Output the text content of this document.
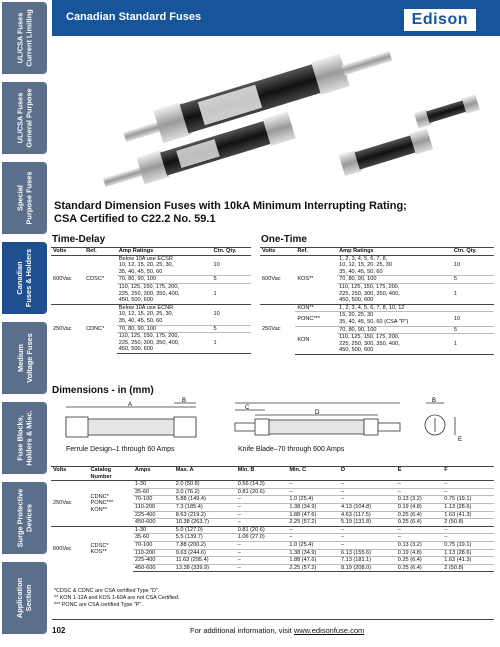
UL/CSA Fuses
Current Limiting
UL/CSA Fuses
General Purpose
Special
Purpose Fuses
Canadian
Fuses & Holders
Medium
Voltage Fuses
Fuse Blocks,
Holders & Misc.
Surge Protective
Devices
Application
Section
Canadian Standard Fuses	Edison
Standard Dimension Fuses with 10kA Minimum Interrupting Rating;
CSA Certified to C22.2 No. 59.1
Time-Delay	One-Time
Volts	Ref.	Amp Ratings	Ctn. Qty.
600Vac	CDSC*	Below 10A use ECSR
10, 12, 15, 20, 25, 30,
35, 40, 45, 50, 60	10
		70, 80, 90, 100	5
		110, 125, 150, 175, 200,
225, 250, 300, 350, 400,
450, 500, 600	1
250Vac	CDNC*	Below 10A use ECNR
10, 12, 15, 20, 25, 30,
35, 40, 45, 50, 60	10
		70, 80, 90, 100	5
		110, 125, 150, 175, 200,
225, 250, 300, 350, 400,
450, 500, 600	1
Volts	Ref.	Amp Ratings	Ctn. Qty.
600Vac	KOS**	1, 2, 3, 4, 5, 6, 7, 8,
10, 12, 15, 20, 25, 30
35, 40, 45, 50, 60	10
		70, 80, 90, 100	5
		110, 125, 150, 175, 200,
225, 250, 300, 350, 400,
450, 500, 600	1
250Vac	KON**	1, 2, 3, 4, 5, 6, 7, 8, 10, 12	
	PONC***	15, 20, 25, 30
35, 40, 45, 50, 60 (CSA "P")	10
	KON	70, 80, 90, 100	5
		110, 125, 150, 175, 200,
225, 250, 300, 350, 400,
450, 500, 600	1
Dimensions - in (mm)
A
B
C
D
B
E
Ferrule Design–1 through 60 Amps	Knife Blade–70 through 600 Amps
Volts	Catalog
Number	Amps	Max. A	Min. B	Min. C	D	E	F
250Vac	CDNC*
PONC***
KON**	1-30	2.0 (50.8)	0.56 (14.3)	–	–	–	–
		35-60	3.0 (76.2)	0.81 (20.6)	–	–	–	–
		70-100	5.88 (149.4)	–	1.0 (25.4)	–	0.13 (3.2)	0.75 (19.1)
		110-200	7.3 (185.4)	–	1.38 (34.9)	4.13 (104.8)	0.19 (4.8)	1.13 (28.6)
		225-400	8.63 (219.2)	–	1.88 (47.6)	4.63 (117.5)	0.25 (6.4)	1.63 (41.3)
		450-600	10.38 (263.7)	–	2.25 (57.2)	5.19 (131.8)	0.25 (6.4)	2 (50.8)
600Vac	CDSC*
KOS**	1-30	5.0 (127.0)	0.81 (20.6)	–	–	–	–
		35-60	5.5 (139.7)	1.06 (27.0)	–	–	–	–
		70-100	7.88 (200.2)	–	1.0 (25.4)	–	0.13 (3.2)	0.75 (19.1)
		110-200	9.63 (244.6)	–	1.38 (34.9)	6.13 (155.6)	0.19 (4.8)	1.13 (28.6)
		225-400	11.63 (295.4)	–	1.88 (47.6)	7.13 (181.1)	0.25 (6.4)	1.63 (41.3)
		450-600	13.38 (339.9)	–	2.25 (57.2)	8.19 (208.0)	0.25 (6.4)	2 (50.8)
*CDSC & CDNC are CSA certified Type "D".
** KON 1-12A and KOS 1-60A are not CSA Certified.
*** PONC are CSA certified Type "P".
102	For additional information, visit www.edisonfuse.com
